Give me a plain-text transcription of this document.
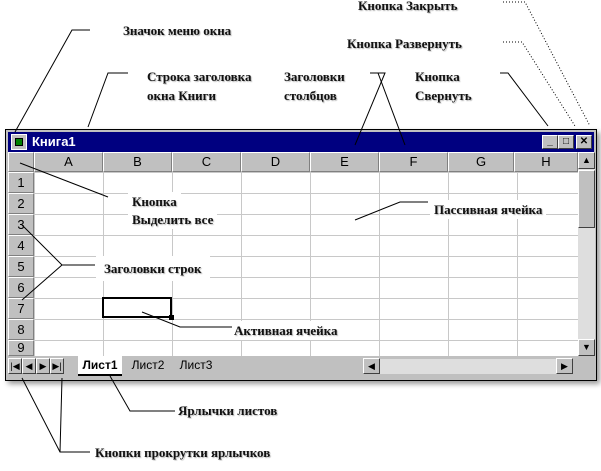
Книга1	_	□	✕
A	B	C	D	E	F	G	H
1
2
3
4
5
6
7
8
9
▲
▼
|◀ ◀ ▶ ▶|	Лист1	Лист2	Лист3	◀	▶
Кнопка Закрыть
Значок меню окна
Кнопка Развернуть
Строка заголовка
окна Книги
Заголовки
столбцов
Кнопка
Свернуть
Кнопка
Выделить все
Пассивная ячейка
Заголовки строк
Активная ячейка
Ярлычки листов
Кнопки прокрутки ярлычков
